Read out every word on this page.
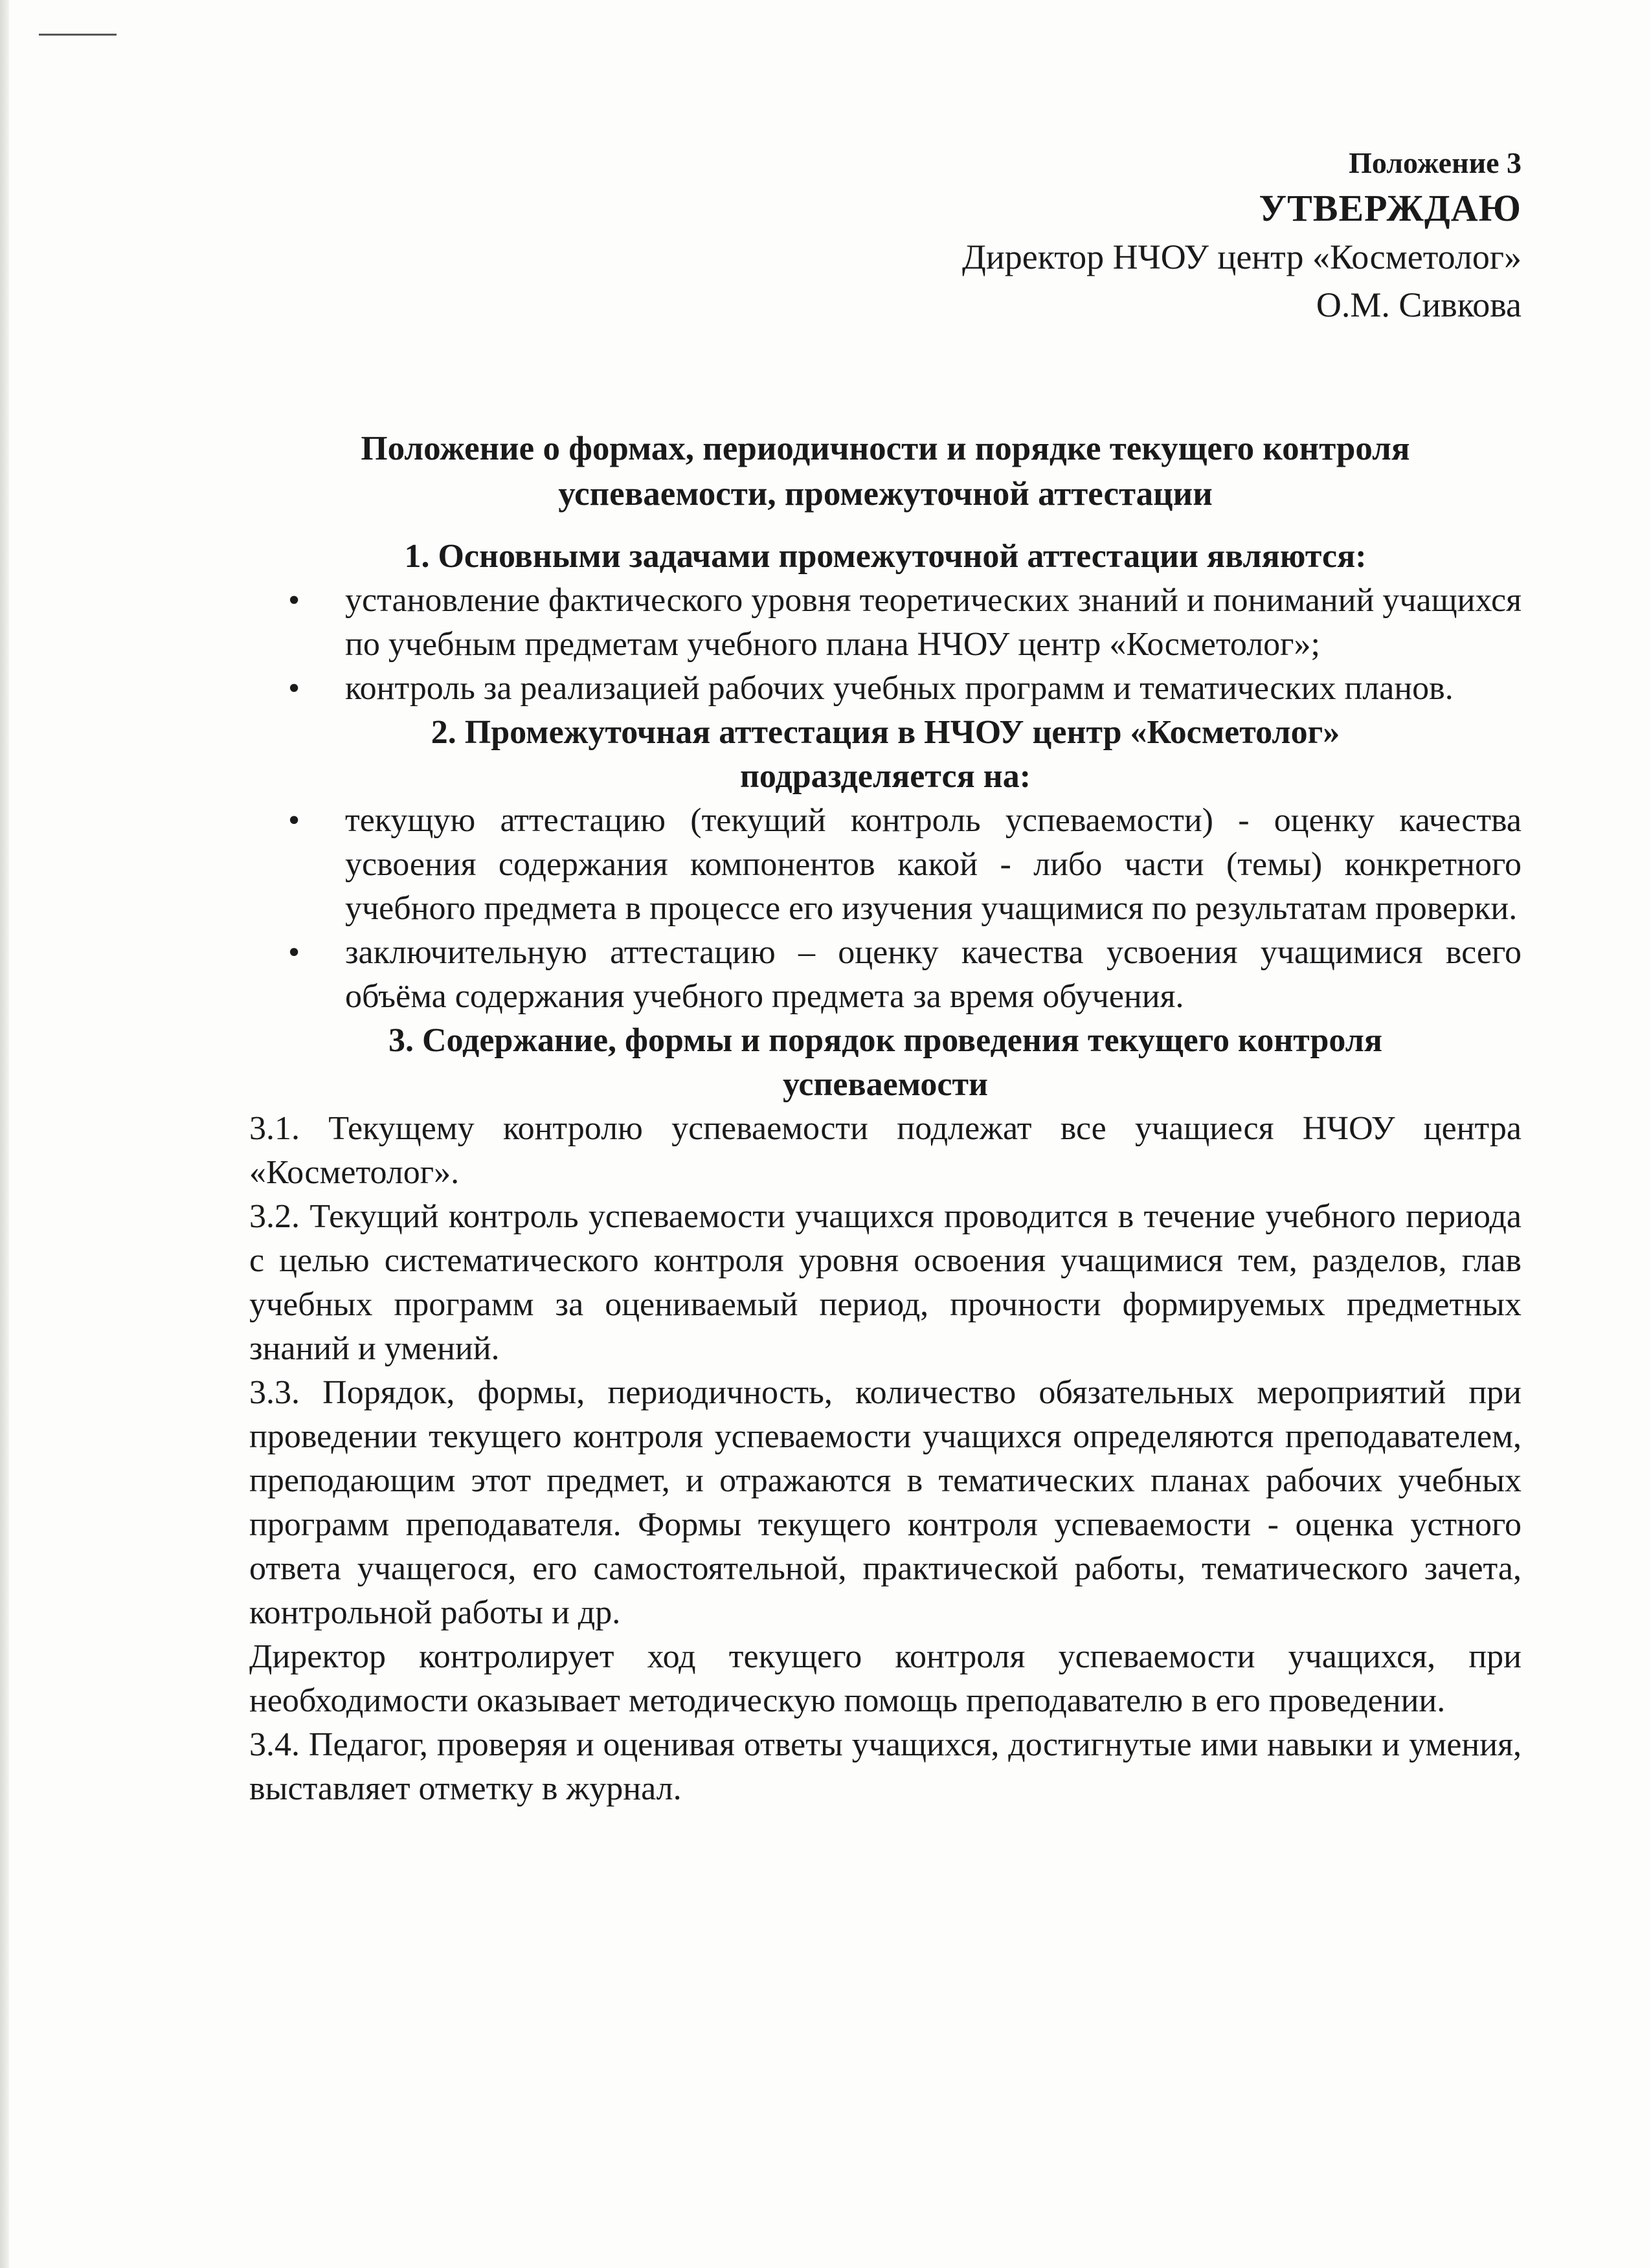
Положение 3
УТВЕРЖДАЮ
Директор НЧОУ центр «Косметолог»
О.М. Сивкова
Положение о формах, периодичности и порядке текущего контроля
успеваемости, промежуточной аттестации
1. Основными задачами промежуточной аттестации являются:
• установление фактического уровня теоретических знаний и пониманий учащихся по учебным предметам учебного плана НЧОУ центр «Косметолог»;
• контроль за реализацией рабочих учебных программ и тематических планов.
2. Промежуточная аттестация в НЧОУ центр «Косметолог»
подразделяется на:
• текущую аттестацию (текущий контроль успеваемости) - оценку качества усвоения содержания компонентов какой - либо части (темы) конкретного учебного предмета в процессе его изучения учащимися по результатам проверки.
• заключительную аттестацию – оценку качества усвоения учащимися всего объёма содержания учебного предмета за время обучения.
3. Содержание, формы и порядок проведения текущего контроля
успеваемости

3.1. Текущему контролю успеваемости подлежат все учащиеся НЧОУ центра «Косметолог».

3.2. Текущий контроль успеваемости учащихся проводится в течение учебного периода с целью систематического контроля уровня освоения учащимися тем, разделов, глав учебных программ за оцениваемый период, прочности формируемых предметных знаний и умений.

3.3. Порядок, формы, периодичность, количество обязательных мероприятий при проведении текущего контроля успеваемости учащихся определяются преподавателем, преподающим этот предмет, и отражаются в тематических планах рабочих учебных программ преподавателя. Формы текущего контроля успеваемости - оценка устного ответа учащегося, его самостоятельной, практической работы, тематического зачета, контрольной работы и др.

Директор контролирует ход текущего контроля успеваемости учащихся, при необходимости оказывает методическую помощь преподавателю в его проведении.

3.4. Педагог, проверяя и оценивая ответы учащихся, достигнутые ими навыки и умения, выставляет отметку в журнал.
